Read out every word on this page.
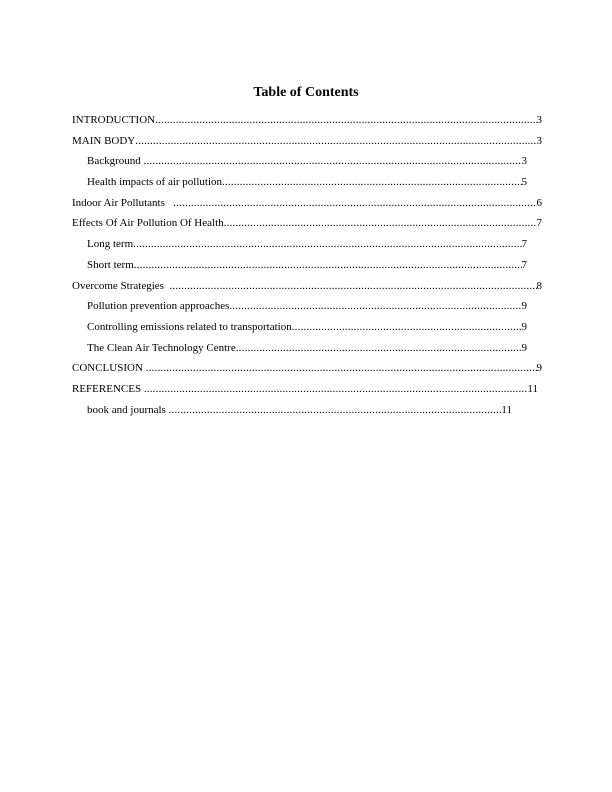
Table of Contents
INTRODUCTION .....	3
MAIN BODY .....	3
Background .....	3
Health impacts of air pollution .....	5
Indoor Air Pollutants .....	6
Effects Of Air Pollution Of Health .....	7
Long term .....	7
Short term .....	7
Overcome Strategies .....	8
Pollution prevention approaches .....	9
Controlling emissions related to transportation .....	9
The Clean Air Technology Centre .....	9
CONCLUSION .....	9
REFERENCES .....	11
book and journals .....	11
